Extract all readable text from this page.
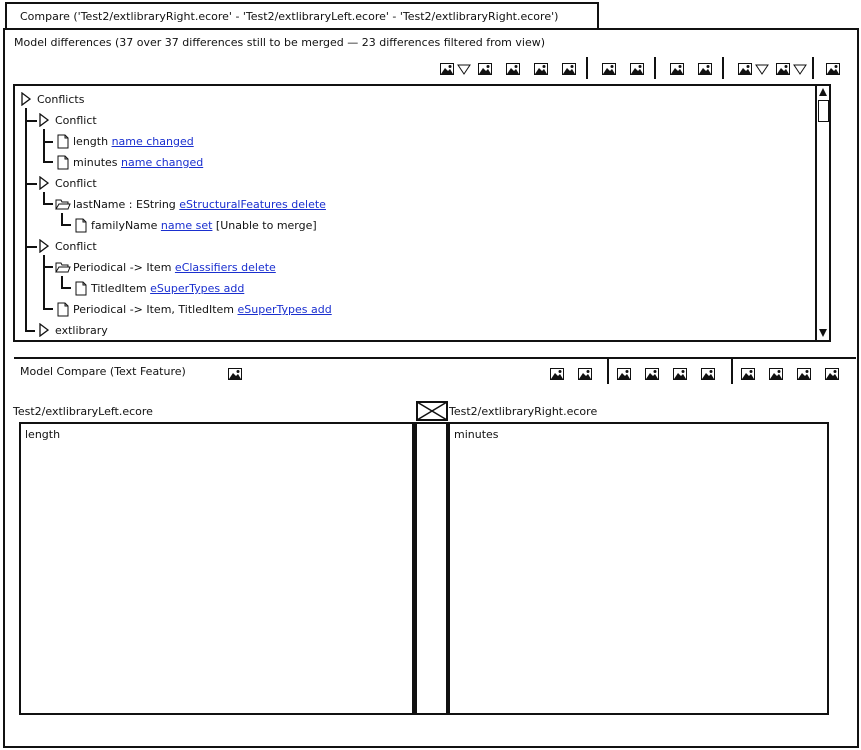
Compare ('Test2/extlibraryRight.ecore' - 'Test2/extlibraryLeft.ecore' - 'Test2/extlibraryRight.ecore')
Model differences (37 over 37 differences still to be merged — 23 differences filtered from view)
Conflicts
Conflict
length name changed
minutes name changed
Conflict
lastName : EString eStructuralFeatures delete
familyName name set [Unable to merge]
Conflict
Periodical -> Item eClassifiers delete
TitledItem eSuperTypes add
Periodical -> Item, TitledItem eSuperTypes add
extlibrary
Model Compare (Text Feature)
Test2/extlibraryLeft.ecore	Test2/extlibraryRight.ecore
length	minutes
